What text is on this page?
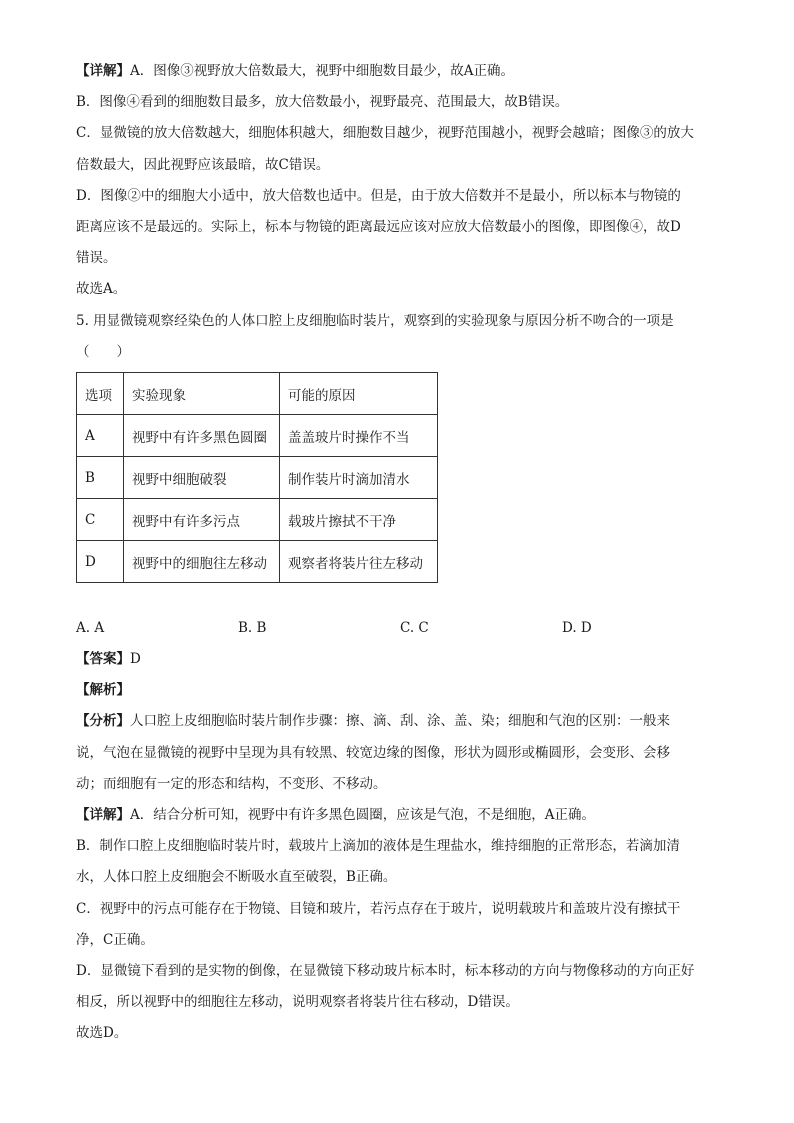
【详解】A．图像③视野放大倍数最大，视野中细胞数目最少，故A正确。
B．图像④看到的细胞数目最多，放大倍数最小，视野最亮、范围最大，故B错误。
C．显微镜的放大倍数越大，细胞体积越大，细胞数目越少，视野范围越小，视野会越暗；图像③的放大
倍数最大，因此视野应该最暗，故C错误。
D．图像②中的细胞大小适中，放大倍数也适中。但是，由于放大倍数并不是最小，所以标本与物镜的
距离应该不是最远的。实际上，标本与物镜的距离最远应该对应放大倍数最小的图像，即图像④，故D
错误。
故选A。
5. 用显微镜观察经染色的人体口腔上皮细胞临时装片，观察到的实验现象与原因分析不吻合的一项是
（　　）
选项	实验现象	可能的原因
A	视野中有许多黑色圆圈	盖盖玻片时操作不当
B	视野中细胞破裂	制作装片时滴加清水
C	视野中有许多污点	载玻片擦拭不干净
D	视野中的细胞往左移动	观察者将装片往左移动
A. A	B. B	C. C	D. D
【答案】D
【解析】
【分析】人口腔上皮细胞临时装片制作步骤：擦、滴、刮、涂、盖、染；细胞和气泡的区别：一般来
说，气泡在显微镜的视野中呈现为具有较黑、较宽边缘的图像，形状为圆形或椭圆形，会变形、会移
动；而细胞有一定的形态和结构，不变形、不移动。
【详解】A．结合分析可知，视野中有许多黑色圆圈，应该是气泡，不是细胞，A正确。
B．制作口腔上皮细胞临时装片时，载玻片上滴加的液体是生理盐水，维持细胞的正常形态，若滴加清
水，人体口腔上皮细胞会不断吸水直至破裂，B正确。
C．视野中的污点可能存在于物镜、目镜和玻片，若污点存在于玻片，说明载玻片和盖玻片没有擦拭干
净，C正确。
D．显微镜下看到的是实物的倒像，在显微镜下移动玻片标本时，标本移动的方向与物像移动的方向正好
相反，所以视野中的细胞往左移动，说明观察者将装片往右移动，D错误。
故选D。
